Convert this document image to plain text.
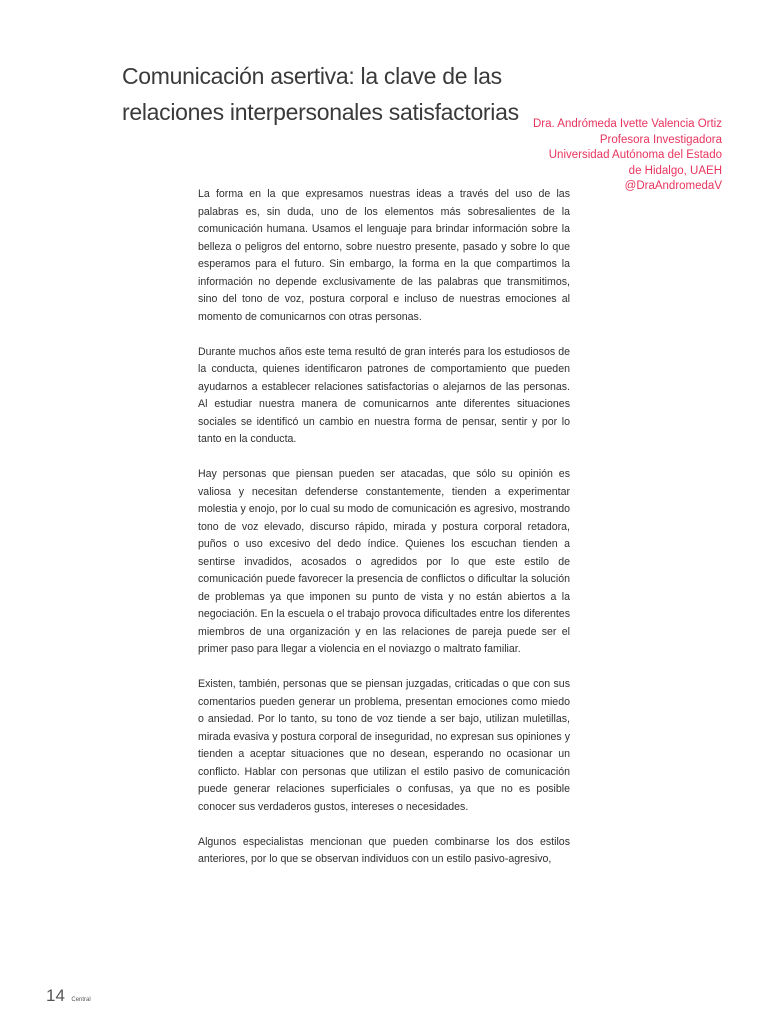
Comunicación asertiva: la clave de las
relaciones interpersonales satisfactorias	Dra. Andrómeda Ivette Valencia Ortiz
Profesora Investigadora
Universidad Autónoma del Estado
de Hidalgo, UAEH
@DraAndromedaV

La forma en la que expresamos nuestras ideas a través del uso de las palabras es, sin duda, uno de los elementos más sobresalientes de la comunicación humana. Usamos el lenguaje para brindar información sobre la belleza o peligros del entorno, sobre nuestro presente, pasado y sobre lo que esperamos para el futuro. Sin embargo, la forma en la que compartimos la información no depende exclusivamente de las palabras que transmitimos, sino del tono de voz, postura corporal e incluso de nuestras emociones al momento de comunicarnos con otras personas.

Durante muchos años este tema resultó de gran interés para los estudiosos de la conducta, quienes identificaron patrones de comportamiento que pueden ayudarnos a establecer relaciones satisfactorias o alejarnos de las personas. Al estudiar nuestra manera de comunicarnos ante diferentes situaciones sociales se identificó un cambio en nuestra forma de pensar, sentir y por lo tanto en la conducta.

Hay personas que piensan pueden ser atacadas, que sólo su opinión es valiosa y necesitan defenderse constantemente, tienden a experimentar molestia y enojo, por lo cual su modo de comunicación es agresivo, mostrando tono de voz elevado, discurso rápido, mirada y postura corporal retadora, puños o uso excesivo del dedo índice. Quienes los escuchan tienden a sentirse invadidos, acosados o agredidos por lo que este estilo de comunicación puede favorecer la presencia de conflictos o dificultar la solución de problemas ya que imponen su punto de vista y no están abiertos a la negociación. En la escuela o el trabajo provoca dificultades entre los diferentes miembros de una organización y en las relaciones de pareja puede ser el primer paso para llegar a violencia en el noviazgo o maltrato familiar.

Existen, también, personas que se piensan juzgadas, criticadas o que con sus comentarios pueden generar un problema, presentan emociones como miedo o ansiedad. Por lo tanto, su tono de voz tiende a ser bajo, utilizan muletillas, mirada evasiva y postura corporal de inseguridad, no expresan sus opiniones y tienden a aceptar situaciones que no desean, esperando no ocasionar un conflicto. Hablar con personas que utilizan el estilo pasivo de comunicación puede generar relaciones superficiales o confusas, ya que no es posible conocer sus verdaderos gustos, intereses o necesidades.

Algunos especialistas mencionan que pueden combinarse los dos estilos anteriores, por lo que se observan individuos con un estilo pasivo-agresivo,

14 Central
